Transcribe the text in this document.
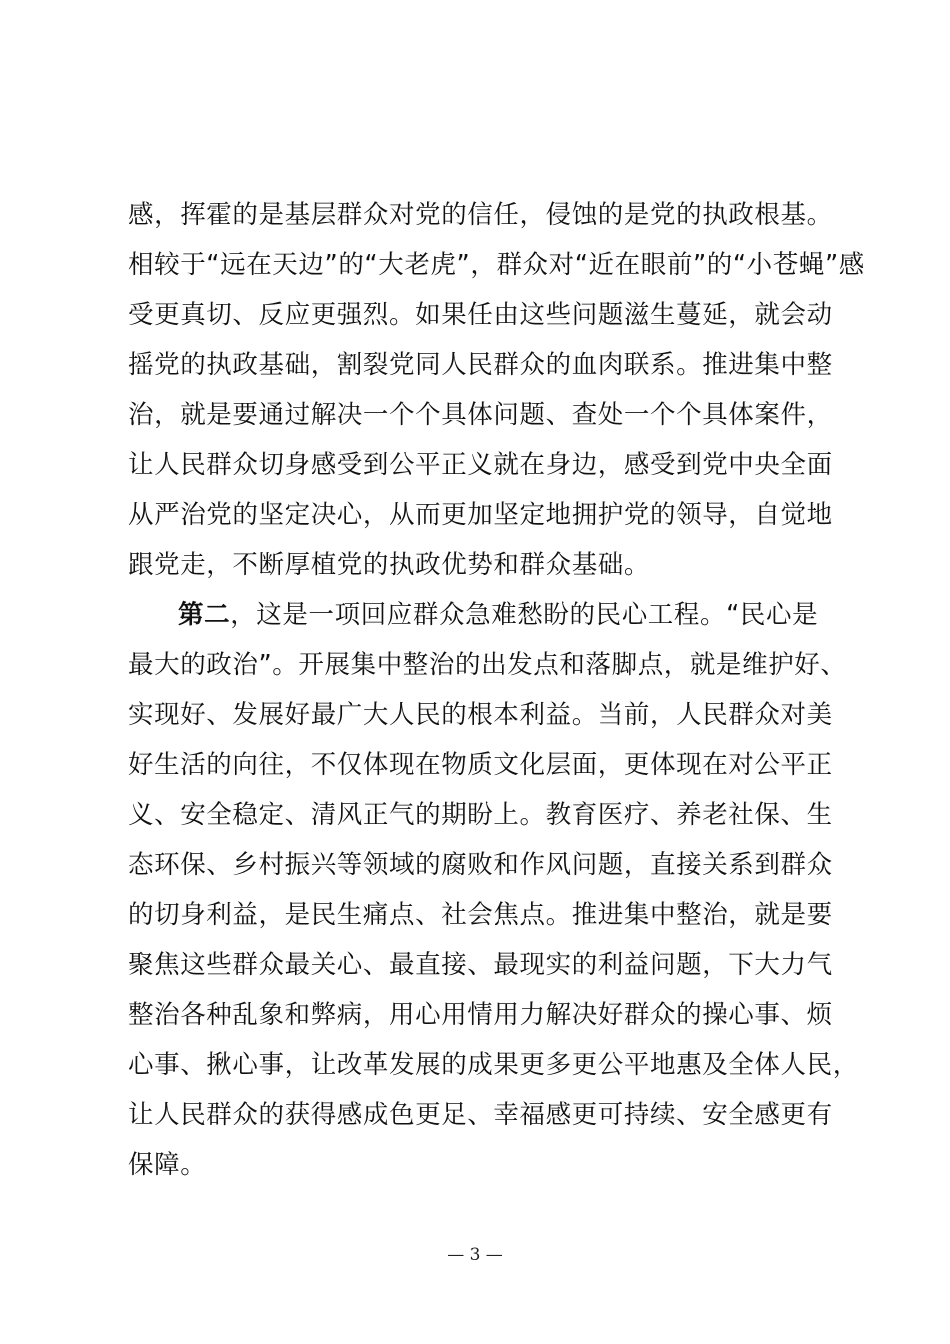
感，挥霍的是基层群众对党的信任，侵蚀的是党的执政根基。
相较于“远在天边”的“大老虎”，群众对“近在眼前”的“小苍蝇”感
受更真切、反应更强烈。如果任由这些问题滋生蔓延，就会动
摇党的执政基础，割裂党同人民群众的血肉联系。推进集中整
治，就是要通过解决一个个具体问题、查处一个个具体案件，
让人民群众切身感受到公平正义就在身边，感受到党中央全面
从严治党的坚定决心，从而更加坚定地拥护党的领导，自觉地
跟党走，不断厚植党的执政优势和群众基础。
第二，这是一项回应群众急难愁盼的民心工程。“民心是
最大的政治”。开展集中整治的出发点和落脚点，就是维护好、
实现好、发展好最广大人民的根本利益。当前，人民群众对美
好生活的向往，不仅体现在物质文化层面，更体现在对公平正
义、安全稳定、清风正气的期盼上。教育医疗、养老社保、生
态环保、乡村振兴等领域的腐败和作风问题，直接关系到群众
的切身利益，是民生痛点、社会焦点。推进集中整治，就是要
聚焦这些群众最关心、最直接、最现实的利益问题，下大力气
整治各种乱象和弊病，用心用情用力解决好群众的操心事、烦
心事、揪心事，让改革发展的成果更多更公平地惠及全体人民，
让人民群众的获得感成色更足、幸福感更可持续、安全感更有
保障。
— 3 —
